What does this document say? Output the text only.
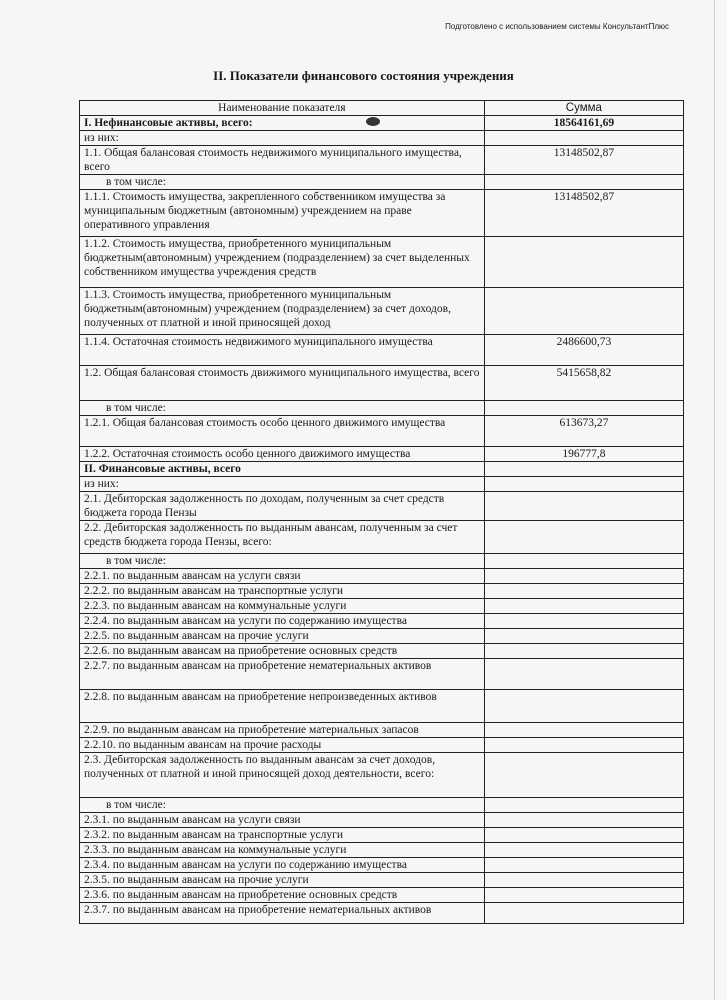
Подготовлено с использованием системы КонсультантПлюс
II. Показатели финансового состояния учреждения
Наименование показателя	Сумма
I. Нефинансовые активы, всего:	18564161,69
из них:	
1.1. Общая балансовая стоимость недвижимого муниципального имущества, всего	13148502,87
в том числе:	
1.1.1. Стоимость имущества, закрепленного собственником имущества за муниципальным бюджетным (автономным) учреждением на праве оперативного управления	13148502,87
1.1.2. Стоимость имущества, приобретенного муниципальным бюджетным(автономным) учреждением (подразделением) за счет выделенных собственником имущества учреждения средств	
1.1.3. Стоимость имущества, приобретенного муниципальным бюджетным(автономным) учреждением (подразделением) за счет доходов, полученных от платной и иной приносящей доход	
1.1.4. Остаточная стоимость недвижимого муниципального имущества	2486600,73
1.2. Общая балансовая стоимость движимого муниципального имущества, всего	5415658,82
в том числе:	
1.2.1. Общая балансовая стоимость особо ценного движимого имущества	613673,27
1.2.2. Остаточная стоимость особо ценного движимого имущества	196777,8
II. Финансовые активы, всего	
из них:	
2.1. Дебиторская задолженность по доходам, полученным за счет средств бюджета города Пензы	
2.2. Дебиторская задолженность по выданным авансам, полученным за счет средств бюджета города Пензы, всего:	
в том числе:	
2.2.1. по выданным авансам на услуги связи	
2.2.2. по выданным авансам на транспортные услуги	
2.2.3. по выданным авансам на коммунальные услуги	
2.2.4. по выданным авансам на услуги по содержанию имущества	
2.2.5. по выданным авансам на прочие услуги	
2.2.6. по выданным авансам на приобретение основных средств	
2.2.7. по выданным авансам на приобретение нематериальных активов	
2.2.8. по выданным авансам на приобретение непроизведенных активов	
2.2.9. по выданным авансам на приобретение материальных запасов	
2.2.10. по выданным авансам на прочие расходы	
2.3. Дебиторская задолженность по выданным авансам за счет доходов, полученных от платной и иной приносящей доход деятельности, всего:	
в том числе:	
2.3.1. по выданным авансам на услуги связи	
2.3.2. по выданным авансам на транспортные услуги	
2.3.3. по выданным авансам на коммунальные услуги	
2.3.4. по выданным авансам на услуги по содержанию имущества	
2.3.5. по выданным авансам на прочие услуги	
2.3.6. по выданным авансам на приобретение основных средств	
2.3.7. по выданным авансам на приобретение нематериальных активов	
